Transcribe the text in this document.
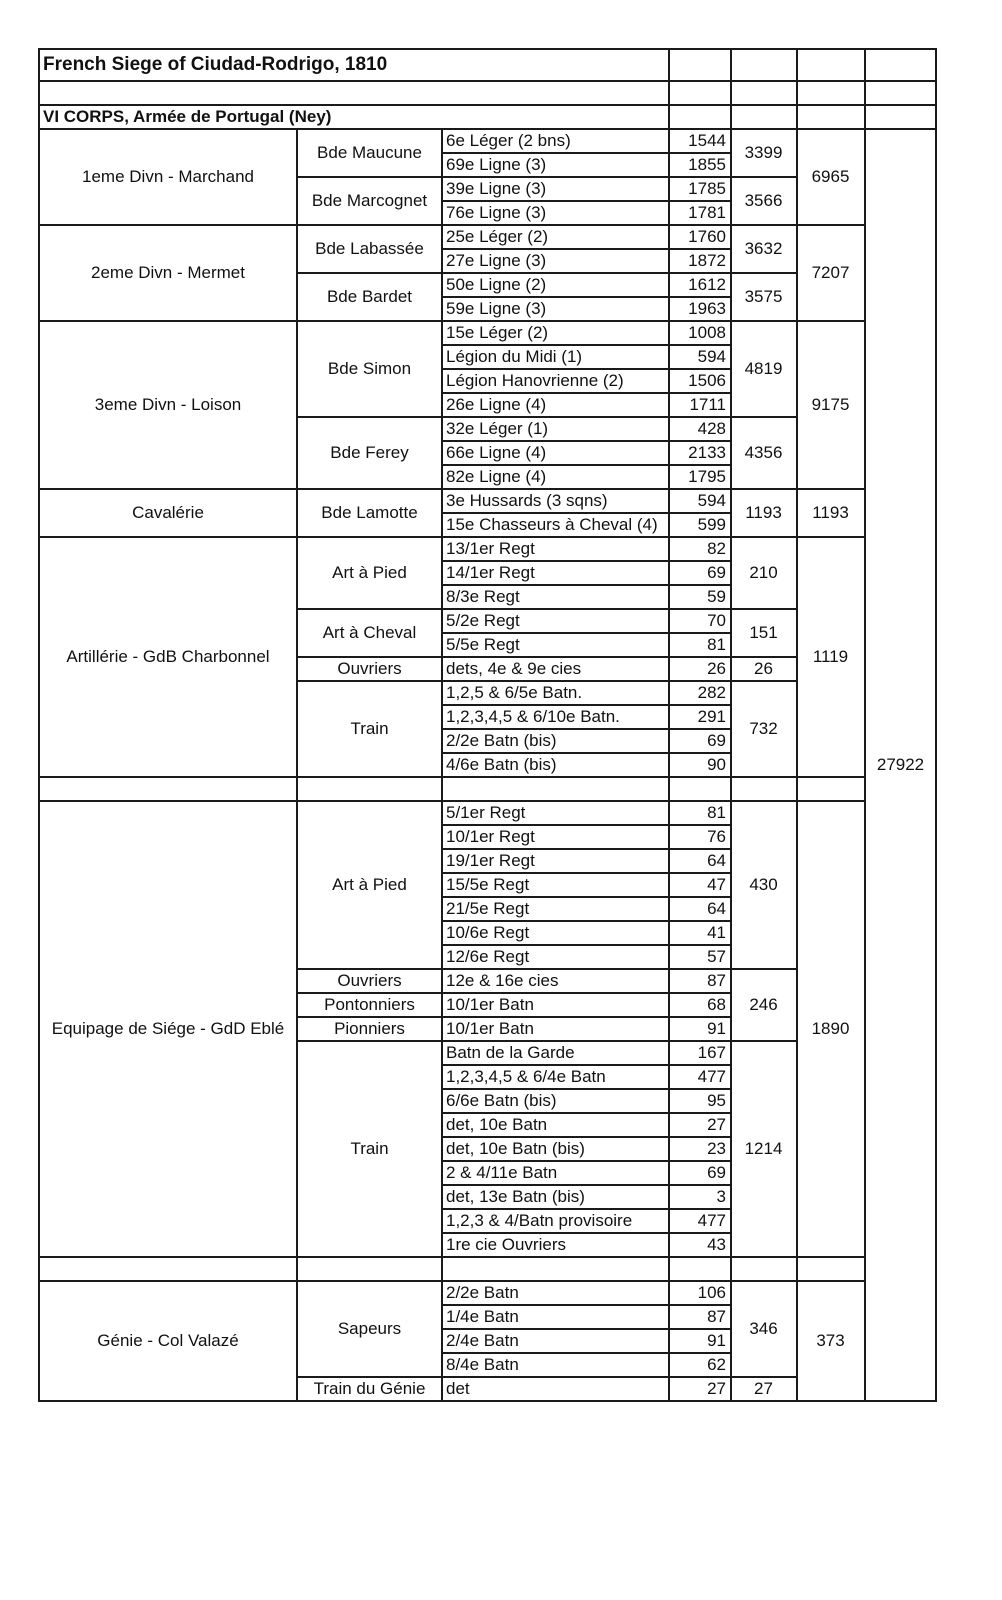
French Siege of Ciudad-Rodrigo, 1810						

VI CORPS, Armée de Portugal (Ney)						
1eme Divn - Marchand	Bde Maucune	6e Léger (2 bns)	1544	3399	6965	27922
		69e Ligne (3)	1855			
	Bde Marcognet	39e Ligne (3)	1785	3566		
		76e Ligne (3)	1781			
2eme Divn - Mermet	Bde Labassée	25e Léger (2)	1760	3632	7207	
		27e Ligne (3)	1872			
	Bde Bardet	50e Ligne (2)	1612	3575		
		59e Ligne (3)	1963			
3eme Divn - Loison	Bde Simon	15e Léger (2)	1008	4819	9175	
		Légion du Midi (1)	594			
		Légion Hanovrienne (2)	1506			
		26e Ligne (4)	1711			
	Bde Ferey	32e Léger (1)	428	4356		
		66e Ligne (4)	2133			
		82e Ligne (4)	1795			
Cavalérie	Bde Lamotte	3e Hussards (3 sqns)	594	1193	1193	
		15e Chasseurs à Cheval (4)	599			
Artillérie - GdB Charbonnel	Art à Pied	13/1er Regt	82	210	1119	
		14/1er Regt	69			
		8/3e Regt	59			
	Art à Cheval	5/2e Regt	70	151		
		5/5e Regt	81			
	Ouvriers	dets, 4e & 9e cies	26	26		
	Train	1,2,5 & 6/5e Batn.	282	732		
		1,2,3,4,5 & 6/10e Batn.	291			
		2/2e Batn (bis)	69			
		4/6e Batn (bis)	90			

Equipage de Siége - GdD Eblé	Art à Pied	5/1er Regt	81	430	1890	
		10/1er Regt	76			
		19/1er Regt	64			
		15/5e Regt	47			
		21/5e Regt	64			
		10/6e Regt	41			
		12/6e Regt	57			
	Ouvriers	12e & 16e cies	87	246		
	Pontonniers	10/1er Batn	68			
	Pionniers	10/1er Batn	91			
	Train	Batn de la Garde	167	1214		
		1,2,3,4,5 & 6/4e Batn	477			
		6/6e Batn (bis)	95			
		det, 10e Batn	27			
		det, 10e Batn (bis)	23			
		2 & 4/11e Batn	69			
		det, 13e Batn (bis)	3			
		1,2,3 & 4/Batn provisoire	477			
		1re cie Ouvriers	43			

Génie - Col Valazé	Sapeurs	2/2e Batn	106	346	373	
		1/4e Batn	87			
		2/4e Batn	91			
		8/4e Batn	62			
	Train du Génie	det	27	27		
